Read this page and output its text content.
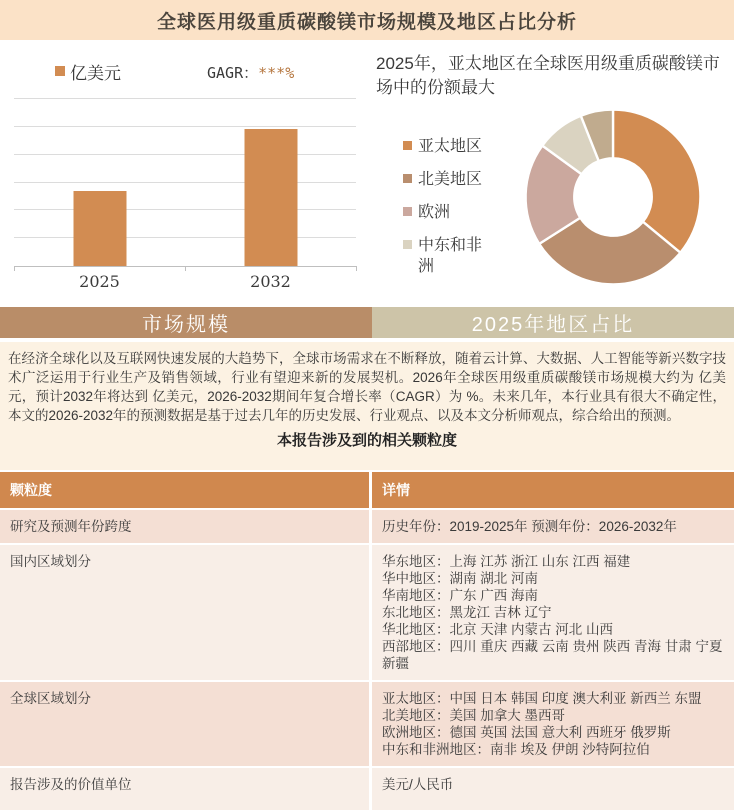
全球医用级重质碳酸镁市场规模及地区占比分析
亿美元	GAGR：***%
2025	2032

2025年，亚太地区在全球医用级重质碳酸镁市场中的份额最大

亚太地区
北美地区
欧洲
中东和非洲
市场规模	2025年地区占比

在经济全球化以及互联网快速发展的大趋势下，全球市场需求在不断释放，随着云计算、大数据、人工智能等新兴数字技术广泛运用于行业生产及销售领域，行业有望迎来新的发展契机。2026年全球医用级重质碳酸镁市场规模大约为 亿美元，预计2032年将达到 亿美元，2026-2032期间年复合增长率（CAGR）为 %。未来几年，本行业具有很大不确定性，本文的2026-2032年的预测数据是基于过去几年的历史发展、行业观点、以及本文分析师观点，综合给出的预测。

本报告涉及到的相关颗粒度
颗粒度	详情
研究及预测年份跨度	历史年份：2019-2025年 预测年份：2026-2032年
国内区域划分	华东地区：上海 江苏 浙江 山东 江西 福建
华中地区：湖南 湖北 河南
华南地区：广东 广西 海南
东北地区：黑龙江 吉林 辽宁
华北地区：北京 天津 内蒙古 河北 山西
西部地区：四川 重庆 西藏 云南 贵州 陕西 青海 甘肃 宁夏 新疆
全球区域划分	亚太地区：中国 日本 韩国 印度 澳大利亚 新西兰 东盟
北美地区：美国 加拿大 墨西哥
欧洲地区：德国 英国 法国 意大利 西班牙 俄罗斯
中东和非洲地区：南非 埃及 伊朗 沙特阿拉伯
报告涉及的价值单位	美元/人民币
